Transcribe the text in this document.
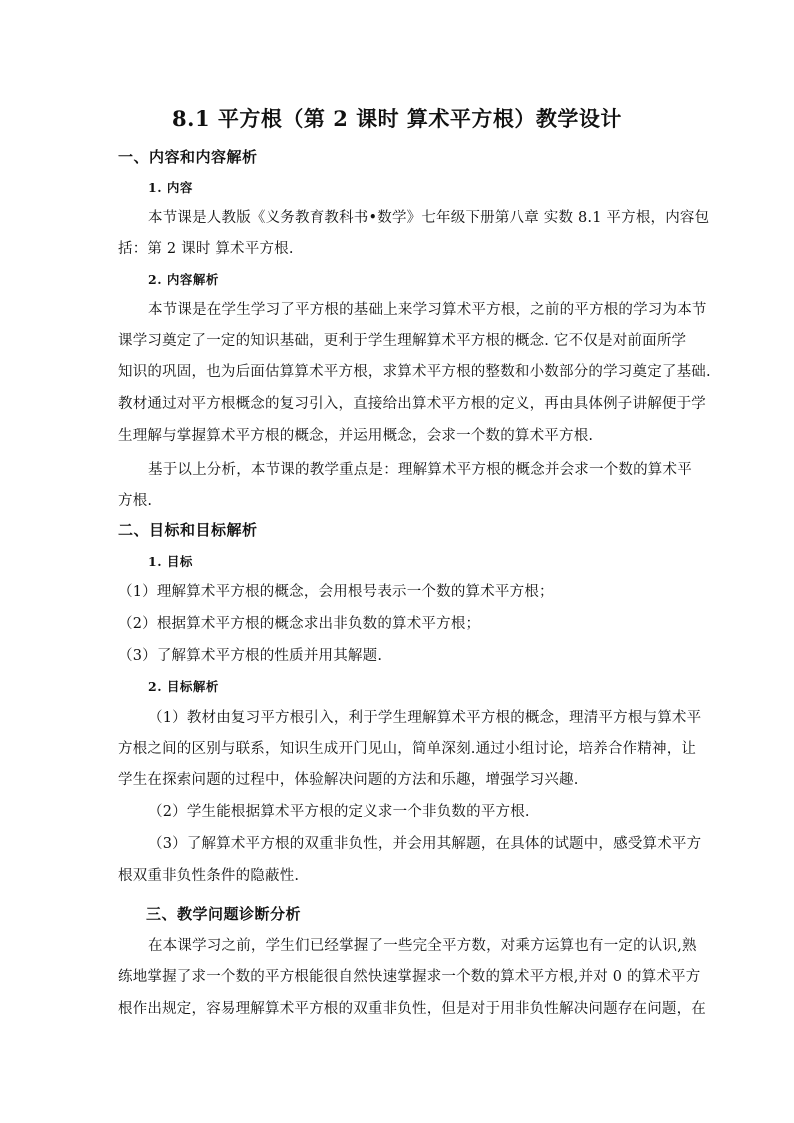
8.1 平方根（第 2 课时 算术平方根）教学设计
一、内容和内容解析
1. 内容
本节课是人教版《义务教育教科书•数学》七年级下册第八章 实数 8.1 平方根，内容包
括：第 2 课时 算术平方根.
2. 内容解析
本节课是在学生学习了平方根的基础上来学习算术平方根，之前的平方根的学习为本节
课学习奠定了一定的知识基础，更利于学生理解算术平方根的概念. 它不仅是对前面所学
知识的巩固，也为后面估算算术平方根，求算术平方根的整数和小数部分的学习奠定了基础.
教材通过对平方根概念的复习引入，直接给出算术平方根的定义，再由具体例子讲解便于学
生理解与掌握算术平方根的概念，并运用概念，会求一个数的算术平方根.
基于以上分析，本节课的教学重点是：理解算术平方根的概念并会求一个数的算术平
方根.
二、目标和目标解析
1. 目标
（1）理解算术平方根的概念，会用根号表示一个数的算术平方根；
（2）根据算术平方根的概念求出非负数的算术平方根；
（3）了解算术平方根的性质并用其解题.
2. 目标解析
（1）教材由复习平方根引入，利于学生理解算术平方根的概念，理清平方根与算术平
方根之间的区别与联系，知识生成开门见山，简单深刻.通过小组讨论，培养合作精神，让
学生在探索问题的过程中，体验解决问题的方法和乐趣，增强学习兴趣.
（2）学生能根据算术平方根的定义求一个非负数的平方根.
（3）了解算术平方根的双重非负性，并会用其解题，在具体的试题中，感受算术平方
根双重非负性条件的隐蔽性.
三、教学问题诊断分析
在本课学习之前，学生们已经掌握了一些完全平方数，对乘方运算也有一定的认识,熟
练地掌握了求一个数的平方根能很自然快速掌握求一个数的算术平方根,并对 0 的算术平方
根作出规定，容易理解算术平方根的双重非负性，但是对于用非负性解决问题存在问题，在
